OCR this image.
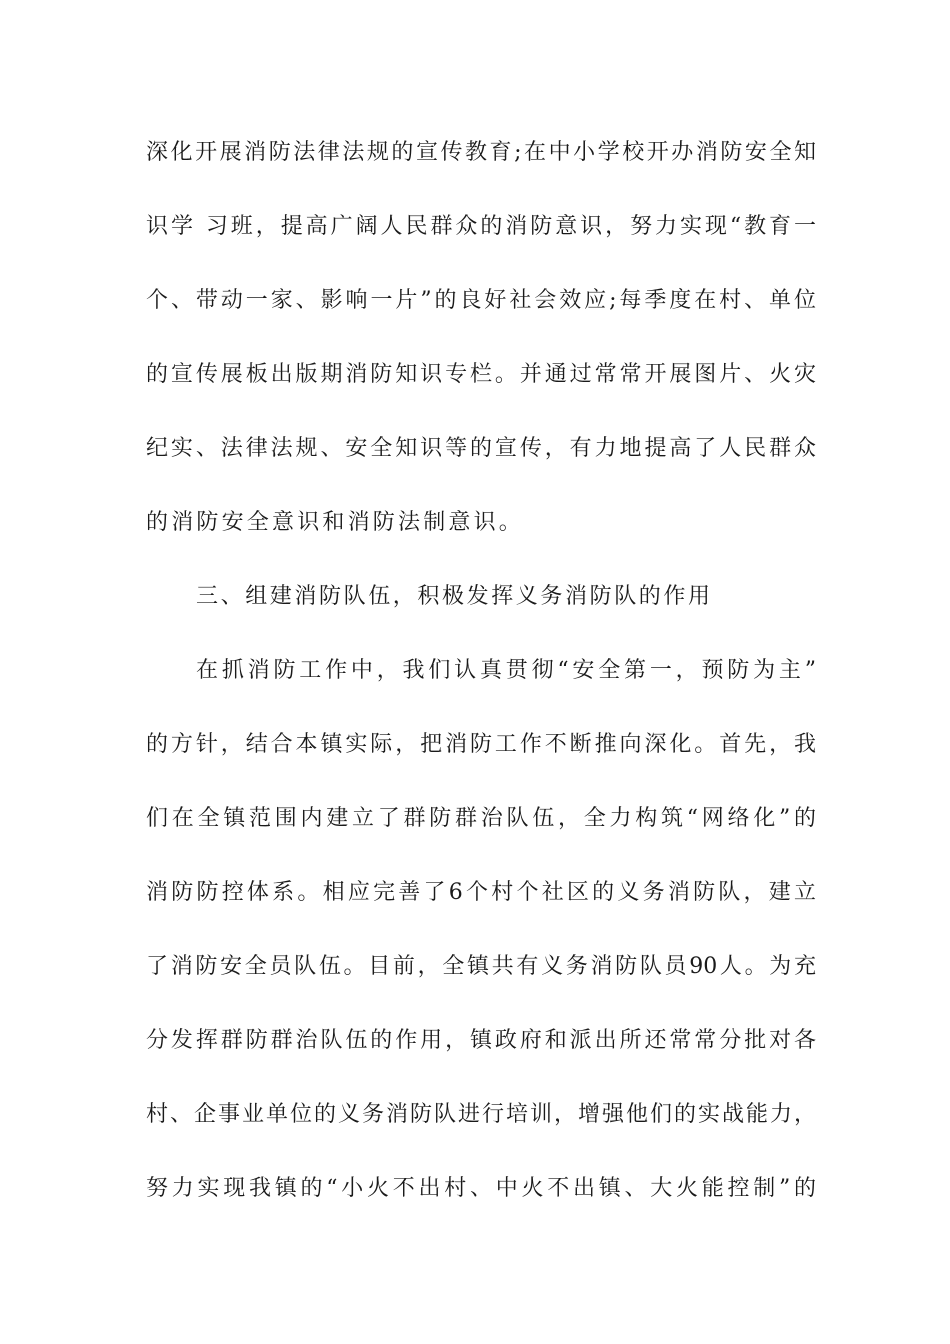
深化开展消防法律法规的宣传教育;在中小学校开办消防安全知
识学 习班，提高广阔人民群众的消防意识，努力实现“教育一
个、带动一家、影响一片”的良好社会效应;每季度在村、单位
的宣传展板出版期消防知识专栏。并通过常常开展图片、火灾
纪实、法律法规、安全知识等的宣传，有力地提高了人民群众
的消防安全意识和消防法制意识。
三、组建消防队伍，积极发挥义务消防队的作用
在抓消防工作中，我们认真贯彻“安全第一，预防为主”
的方针，结合本镇实际，把消防工作不断推向深化。首先，我
们在全镇范围内建立了群防群治队伍，全力构筑“网络化”的
消防防控体系。相应完善了6个村个社区的义务消防队，建立
了消防安全员队伍。目前，全镇共有义务消防队员90人。为充
分发挥群防群治队伍的作用，镇政府和派出所还常常分批对各
村、企事业单位的义务消防队进行培训，增强他们的实战能力，
努力实现我镇的“小火不出村、中火不出镇、大火能控制”的
